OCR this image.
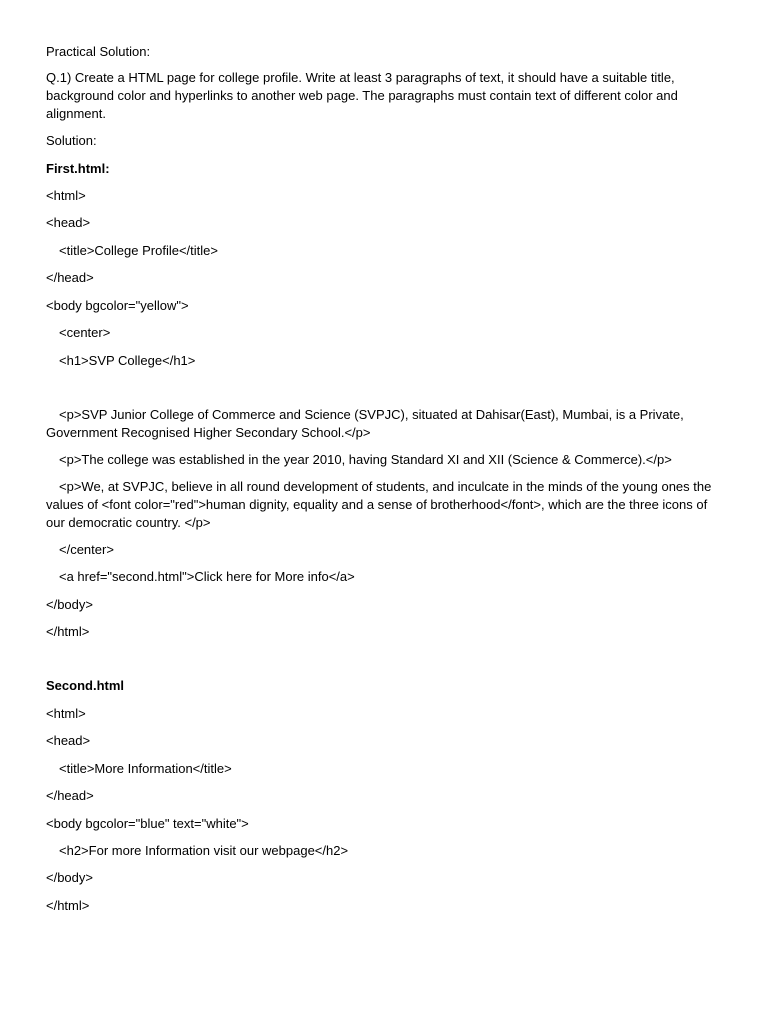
Practical Solution:
Q.1) Create a HTML page for college profile. Write at least 3 paragraphs of text, it should have a suitable title, background color and hyperlinks to another web page. The paragraphs must contain text of different color and alignment.
Solution:
First.html:
<html>
<head>
<title>College Profile</title>
</head>
<body bgcolor="yellow">
<center>
<h1>SVP College</h1>
<p>SVP Junior College of Commerce and Science (SVPJC), situated at Dahisar(East), Mumbai, is a Private, Government Recognised Higher Secondary School.</p>
<p>The college was established in the year 2010, having Standard XI and XII (Science & Commerce).</p>
<p>We, at SVPJC, believe in all round development of students, and inculcate in the minds of the young ones the values of <font color="red">human dignity, equality and a sense of brotherhood</font>, which are the three icons of our democratic country. </p>
</center>
<a href="second.html">Click here for More info</a>
</body>
</html>
Second.html
<html>
<head>
<title>More Information</title>
</head>
<body bgcolor="blue" text="white">
<h2>For more Information visit our webpage</h2>
</body>
</html>
